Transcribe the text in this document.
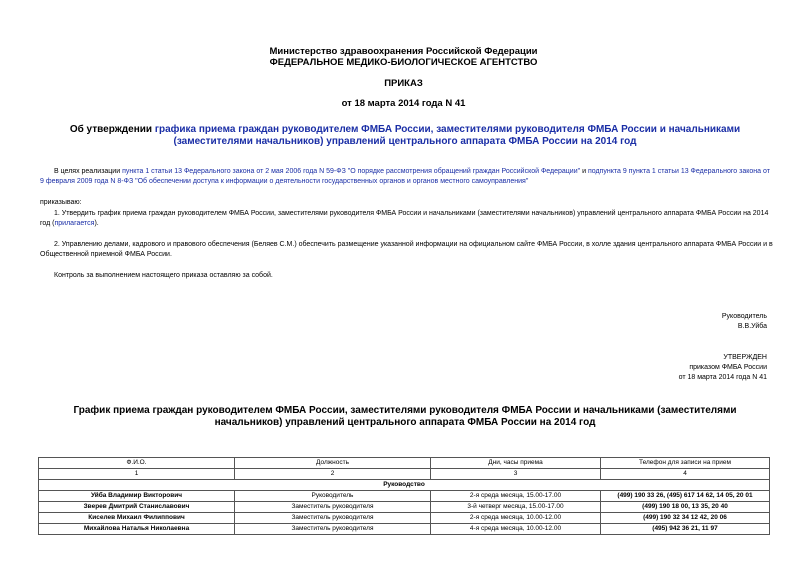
Министерство здравоохранения Российской Федерации
ФЕДЕРАЛЬНОЕ МЕДИКО-БИОЛОГИЧЕСКОЕ АГЕНТСТВО
ПРИКАЗ
от 18 марта 2014 года N 41
Об утверждении графика приема граждан руководителем ФМБА России, заместителями руководителя ФМБА России и начальниками (заместителями начальников) управлений центрального аппарата ФМБА России на 2014 год
В целях реализации пункта 1 статьи 13 Федерального закона от 2 мая 2006 года N 59-ФЗ "О порядке рассмотрения обращений граждан Российской Федерации" и подпункта 9 пункта 1 статьи 13 Федерального закона от 9 февраля 2009 года N 8-ФЗ "Об обеспечении доступа к информации о деятельности государственных органов и органов местного самоуправления"
приказываю:
1. Утвердить график приема граждан руководителем ФМБА России, заместителями руководителя ФМБА России и начальниками (заместителями начальников) управлений центрального аппарата ФМБА России на 2014 год (прилагается).
2. Управлению делами, кадрового и правового обеспечения (Беляев С.М.) обеспечить размещение указанной информации на официальном сайте ФМБА России, в холле здания центрального аппарата ФМБА России и в Общественной приемной ФМБА России.
Контроль за выполнением настоящего приказа оставляю за собой.
Руководитель
В.В.Уйба
УТВЕРЖДЕН
приказом ФМБА России
от 18 марта 2014 года N 41
График приема граждан руководителем ФМБА России, заместителями руководителя ФМБА России и начальниками (заместителями начальников) управлений центрального аппарата ФМБА России на 2014 год
Ф.И.О.	Должность	Дни, часы приема	Телефон для записи на прием
1	2	3	4
Руководство			
Уйба Владимир Викторович	Руководитель	2-я среда месяца, 15.00-17.00	(499) 190 33 26, (495) 617 14 62, 14 05, 20 01
Зверев Дмитрий Станиславович	Заместитель руководителя	3-й четверг месяца, 15.00-17.00	(499) 190 18 00, 13 35, 20 40
Киселев Михаил Филиппович	Заместитель руководителя	2-я среда месяца, 10.00-12.00	(499) 190 32 34 12 42, 20 06
Михайлова Наталья Николаевна	Заместитель руководителя	4-я среда месяца, 10.00-12.00	(495) 942 36 21, 11 97
